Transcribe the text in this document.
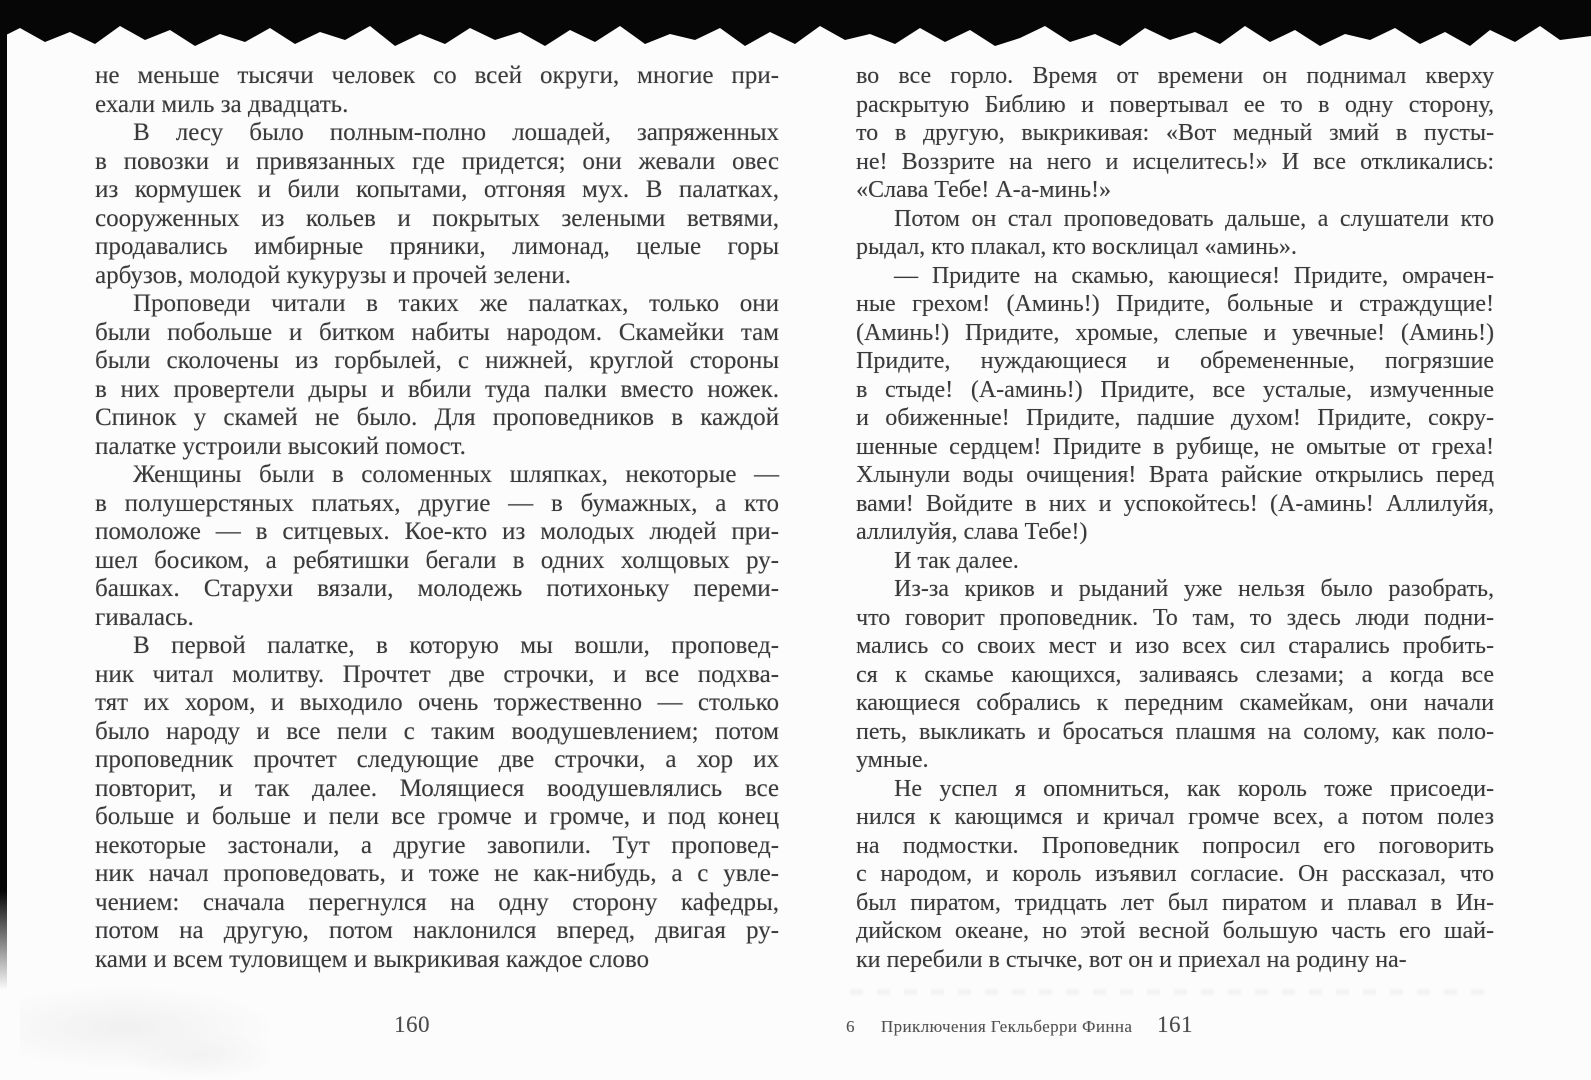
не меньше тысячи человек со всей округи, многие при-
ехали миль за двадцать.
В лесу было полным-полно лошадей, запряженных
в повозки и привязанных где придется; они жевали овес
из кормушек и били копытами, отгоняя мух. В палатках,
сооруженных из кольев и покрытых зелеными ветвями,
продавались имбирные пряники, лимонад, целые горы
арбузов, молодой кукурузы и прочей зелени.
Проповеди читали в таких же палатках, только они
были побольше и битком набиты народом. Скамейки там
были сколочены из горбылей, с нижней, круглой стороны
в них провертели дыры и вбили туда палки вместо ножек.
Спинок у скамей не было. Для проповедников в каждой
палатке устроили высокий помост.
Женщины были в соломенных шляпках, некоторые —
в полушерстяных платьях, другие — в бумажных, а кто
помоложе — в ситцевых. Кое-кто из молодых людей при-
шел босиком, а ребятишки бегали в одних холщовых ру-
башках. Старухи вязали, молодежь потихоньку переми-
гивалась.
В первой палатке, в которую мы вошли, проповед-
ник читал молитву. Прочтет две строчки, и все подхва-
тят их хором, и выходило очень торжественно — столько
было народу и все пели с таким воодушевлением; потом
проповедник прочтет следующие две строчки, а хор их
повторит, и так далее. Молящиеся воодушевлялись все
больше и больше и пели все громче и громче, и под конец
некоторые застонали, а другие завопили. Тут проповед-
ник начал проповедовать, и тоже не как-нибудь, а с увле-
чением: сначала перегнулся на одну сторону кафедры,
потом на другую, потом наклонился вперед, двигая ру-
ками и всем туловищем и выкрикивая каждое слово
во все горло. Время от времени он поднимал кверху
раскрытую Библию и повертывал ее то в одну сторону,
то в другую, выкрикивая: «Вот медный змий в пусты-
не! Воззрите на него и исцелитесь!» И все откликались:
«Слава Тебе! А-а-минь!»
Потом он стал проповедовать дальше, а слушатели кто
рыдал, кто плакал, кто восклицал «аминь».
— Придите на скамью, кающиеся! Придите, омрачен-
ные грехом! (Аминь!) Придите, больные и страждущие!
(Аминь!) Придите, хромые, слепые и увечные! (Аминь!)
Придите, нуждающиеся и обремененные, погрязшие
в стыде! (А-аминь!) Придите, все усталые, измученные
и обиженные! Придите, падшие духом! Придите, сокру-
шенные сердцем! Придите в рубище, не омытые от греха!
Хлынули воды очищения! Врата райские открылись перед
вами! Войдите в них и успокойтесь! (А-аминь! Аллилуйя,
аллилуйя, слава Тебе!)
И так далее.
Из-за криков и рыданий уже нельзя было разобрать,
что говорит проповедник. То там, то здесь люди подни-
мались со своих мест и изо всех сил старались пробить-
ся к скамье кающихся, заливаясь слезами; а когда все
кающиеся собрались к передним скамейкам, они начали
петь, выкликать и бросаться плашмя на солому, как поло-
умные.
Не успел я опомниться, как король тоже присоеди-
нился к кающимся и кричал громче всех, а потом полез
на подмостки. Проповедник попросил его поговорить
с народом, и король изъявил согласие. Он рассказал, что
был пиратом, тридцать лет был пиратом и плавал в Ин-
дийском океане, но этой весной большую часть его шай-
ки перебили в стычке, вот он и приехал на родину на-
160	6 Приключения Гекльберри Финна	161
